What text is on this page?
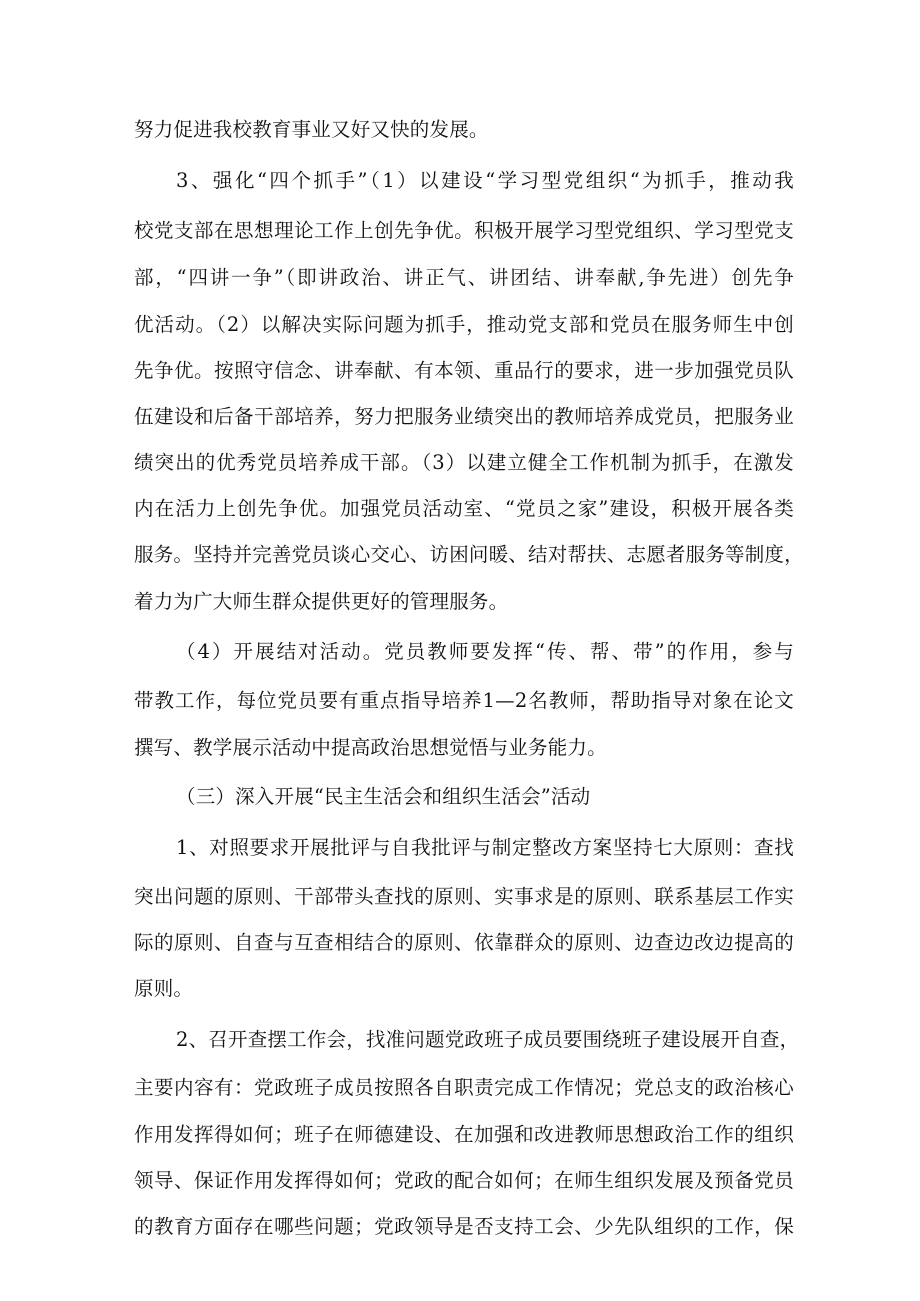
努力促进我校教育事业又好又快的发展。
3、强化“四个抓手”（1）以建设“学习型党组织“为抓手，推动我
校党支部在思想理论工作上创先争优。积极开展学习型党组织、学习型党支
部，“四讲一争”（即讲政治、讲正气、讲团结、讲奉献,争先进）创先争
优活动。（2）以解决实际问题为抓手，推动党支部和党员在服务师生中创
先争优。按照守信念、讲奉献、有本领、重品行的要求，进一步加强党员队
伍建设和后备干部培养，努力把服务业绩突出的教师培养成党员，把服务业
绩突出的优秀党员培养成干部。（3）以建立健全工作机制为抓手，在激发
内在活力上创先争优。加强党员活动室、“党员之家”建设，积极开展各类
服务。坚持并完善党员谈心交心、访困问暖、结对帮扶、志愿者服务等制度，
着力为广大师生群众提供更好的管理服务。
（4）开展结对活动。党员教师要发挥“传、帮、带”的作用，参与
带教工作，每位党员要有重点指导培养1—2名教师，帮助指导对象在论文
撰写、教学展示活动中提高政治思想觉悟与业务能力。
（三）深入开展“民主生活会和组织生活会”活动
1、对照要求开展批评与自我批评与制定整改方案坚持七大原则：查找
突出问题的原则、干部带头查找的原则、实事求是的原则、联系基层工作实
际的原则、自查与互查相结合的原则、依靠群众的原则、边查边改边提高的
原则。
2、召开查摆工作会，找准问题党政班子成员要围绕班子建设展开自查，
主要内容有：党政班子成员按照各自职责完成工作情况；党总支的政治核心
作用发挥得如何；班子在师德建设、在加强和改进教师思想政治工作的组织
领导、保证作用发挥得如何；党政的配合如何；在师生组织发展及预备党员
的教育方面存在哪些问题；党政领导是否支持工会、少先队组织的工作，保
